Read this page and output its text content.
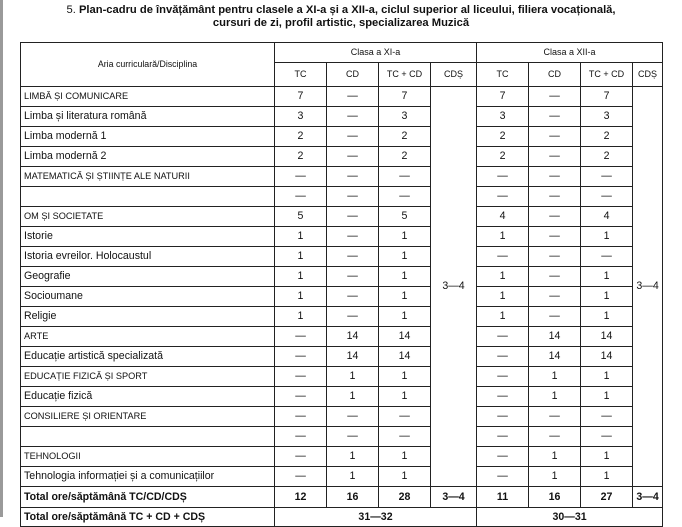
5. Plan-cadru de învățământ pentru clasele a XI-a și a XII-a, ciclul superior al liceului, filiera vocațională,
cursuri de zi, profil artistic, specializarea Muzică
Aria curriculară/Disciplina	Clasa a XI-a				Clasa a XII-a			
	TC	CD	TC + CD	CDȘ	TC	CD	TC + CD	CDȘ
LIMBĂ ȘI COMUNICARE	7	—	7	3—4	7	—	7	3—4
Limba și literatura română	3	—	3		3	—	3	
Limba modernă 1	2	—	2		2	—	2	
Limba modernă 2	2	—	2		2	—	2	
MATEMATICĂ ȘI ȘTIINȚE ALE NATURII	—	—	—		—	—	—	
	—	—	—		—	—	—	
OM ȘI SOCIETATE	5	—	5		4	—	4	
Istorie	1	—	1		1	—	1	
Istoria evreilor. Holocaustul	1	—	1		—	—	—	
Geografie	1	—	1		1	—	1	
Socioumane	1	—	1		1	—	1	
Religie	1	—	1		1	—	1	
ARTE	—	14	14		—	14	14	
Educație artistică specializată	—	14	14		—	14	14	
EDUCAȚIE FIZICĂ ȘI SPORT	—	1	1		—	1	1	
Educație fizică	—	1	1		—	1	1	
CONSILIERE ȘI ORIENTARE	—	—	—		—	—	—	
	—	—	—		—	—	—	
TEHNOLOGII	—	1	1		—	1	1	
Tehnologia informației și a comunicațiilor	—	1	1		—	1	1	
Total ore/săptămână TC/CD/CDȘ	12	16	28	3—4	11	16	27	3—4
Total ore/săptămână TC + CD + CDȘ	31—32				30—31			
